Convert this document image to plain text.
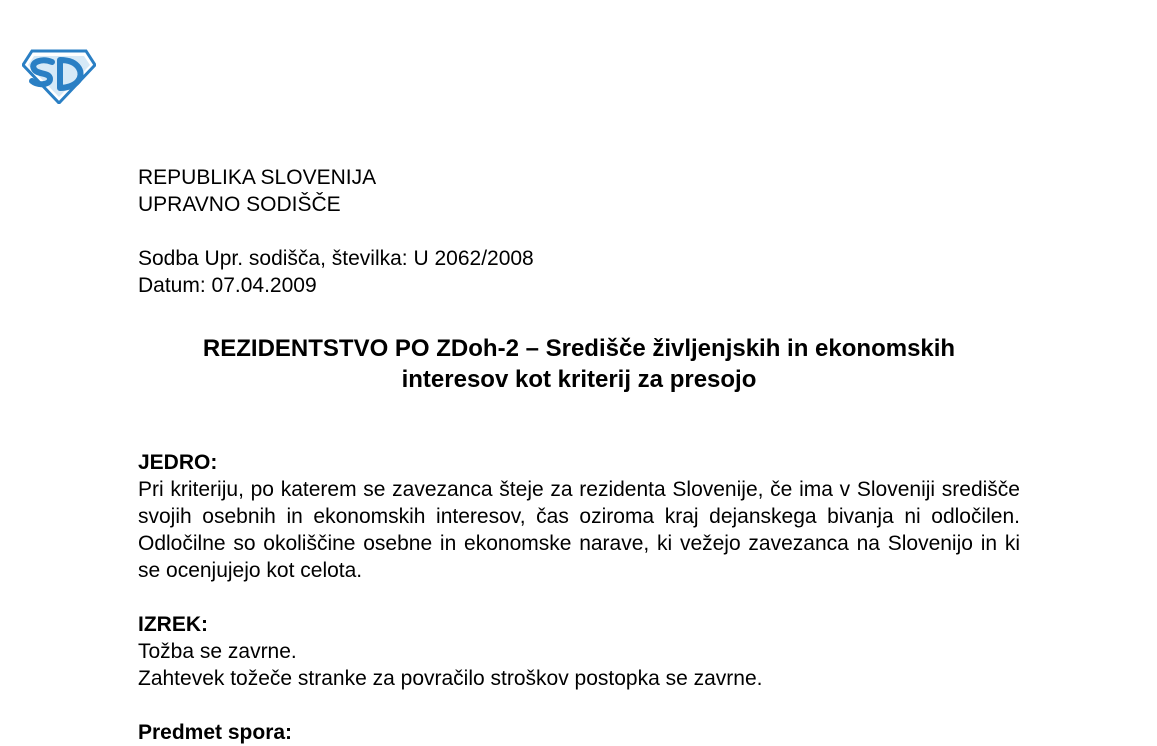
REPUBLIKA SLOVENIJA
UPRAVNO SODIŠČE
Sodba Upr. sodišča, številka: U 2062/2008
Datum: 07.04.2009
REZIDENTSTVO PO ZDoh-2 – Središče življenjskih in ekonomskih
interesov kot kriterij za presojo
JEDRO:

Pri kriteriju, po katerem se zavezanca šteje za rezidenta Slovenije, če ima v Sloveniji središče svojih osebnih in ekonomskih interesov, čas oziroma kraj dejanskega bivanja ni odločilen. Odločilne so okoliščine osebne in ekonomske narave, ki vežejo zavezanca na Slovenijo in ki se ocenjujejo kot celota.

IZREK:
Tožba se zavrne.
Zahtevek tožeče stranke za povračilo stroškov postopka se zavrne.
Predmet spora:
